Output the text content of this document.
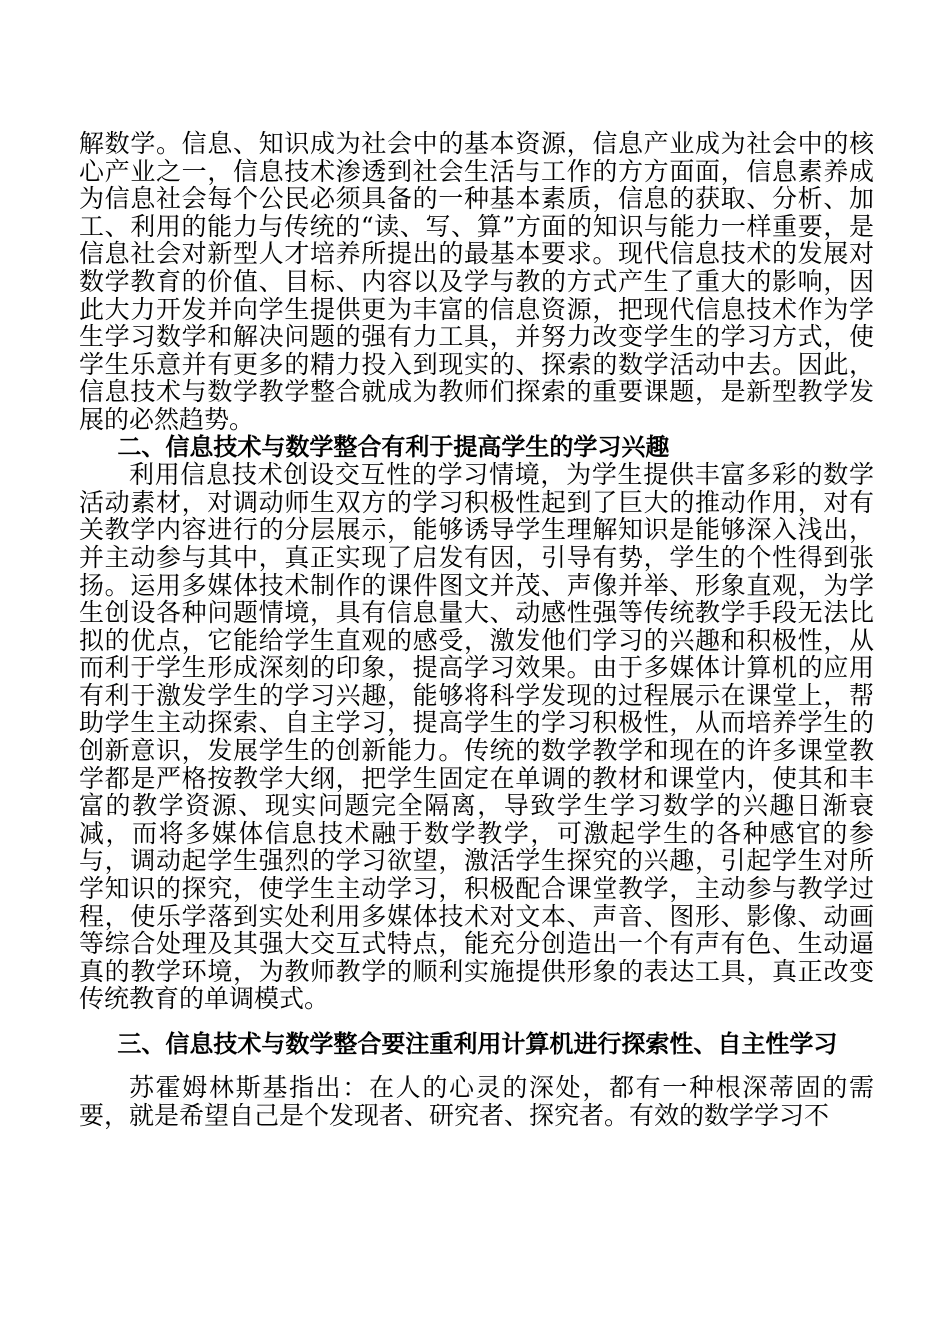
解数学。信息、知识成为社会中的基本资源，信息产业成为社会中的核心产业之一，信息技术渗透到社会生活与工作的方方面面，信息素养成为信息社会每个公民必须具备的一种基本素质，信息的获取、分析、加工、利用的能力与传统的“读、写、算”方面的知识与能力一样重要，是信息社会对新型人才培养所提出的最基本要求。现代信息技术的发展对数学教育的价值、目标、内容以及学与教的方式产生了重大的影响，因此大力开发并向学生提供更为丰富的信息资源，把现代信息技术作为学生学习数学和解决问题的强有力工具，并努力改变学生的学习方式，使学生乐意并有更多的精力投入到现实的、探索的数学活动中去。因此，信息技术与数学教学整合就成为教师们探索的重要课题，是新型教学发展的必然趋势。

二、信息技术与数学整合有利于提高学生的学习兴趣

利用信息技术创设交互性的学习情境，为学生提供丰富多彩的数学活动素材，对调动师生双方的学习积极性起到了巨大的推动作用，对有关教学内容进行的分层展示，能够诱导学生理解知识是能够深入浅出，并主动参与其中，真正实现了启发有因，引导有势，学生的个性得到张扬。运用多媒体技术制作的课件图文并茂、声像并举、形象直观，为学生创设各种问题情境，具有信息量大、动感性强等传统教学手段无法比拟的优点，它能给学生直观的感受，激发他们学习的兴趣和积极性，从而利于学生形成深刻的印象，提高学习效果。由于多媒体计算机的应用有利于激发学生的学习兴趣，能够将科学发现的过程展示在课堂上，帮助学生主动探索、自主学习，提高学生的学习积极性，从而培养学生的创新意识，发展学生的创新能力。传统的数学教学和现在的许多课堂教学都是严格按教学大纲，把学生固定在单调的教材和课堂内，使其和丰富的教学资源、现实问题完全隔离，导致学生学习数学的兴趣日渐衰减，而将多媒体信息技术融于数学教学，可激起学生的各种感官的参与，调动起学生强烈的学习欲望，激活学生探究的兴趣，引起学生对所学知识的探究，使学生主动学习，积极配合课堂教学，主动参与教学过程，使乐学落到实处利用多媒体技术对文本、声音、图形、影像、动画等综合处理及其强大交互式特点，能充分创造出一个有声有色、生动逼真的教学环境，为教师教学的顺利实施提供形象的表达工具，真正改变传统教育的单调模式。

三、信息技术与数学整合要注重利用计算机进行探索性、自主性学习

苏霍姆林斯基指出：在人的心灵的深处，都有一种根深蒂固的需要，就是希望自己是个发现者、研究者、探究者。有效的数学学习不
